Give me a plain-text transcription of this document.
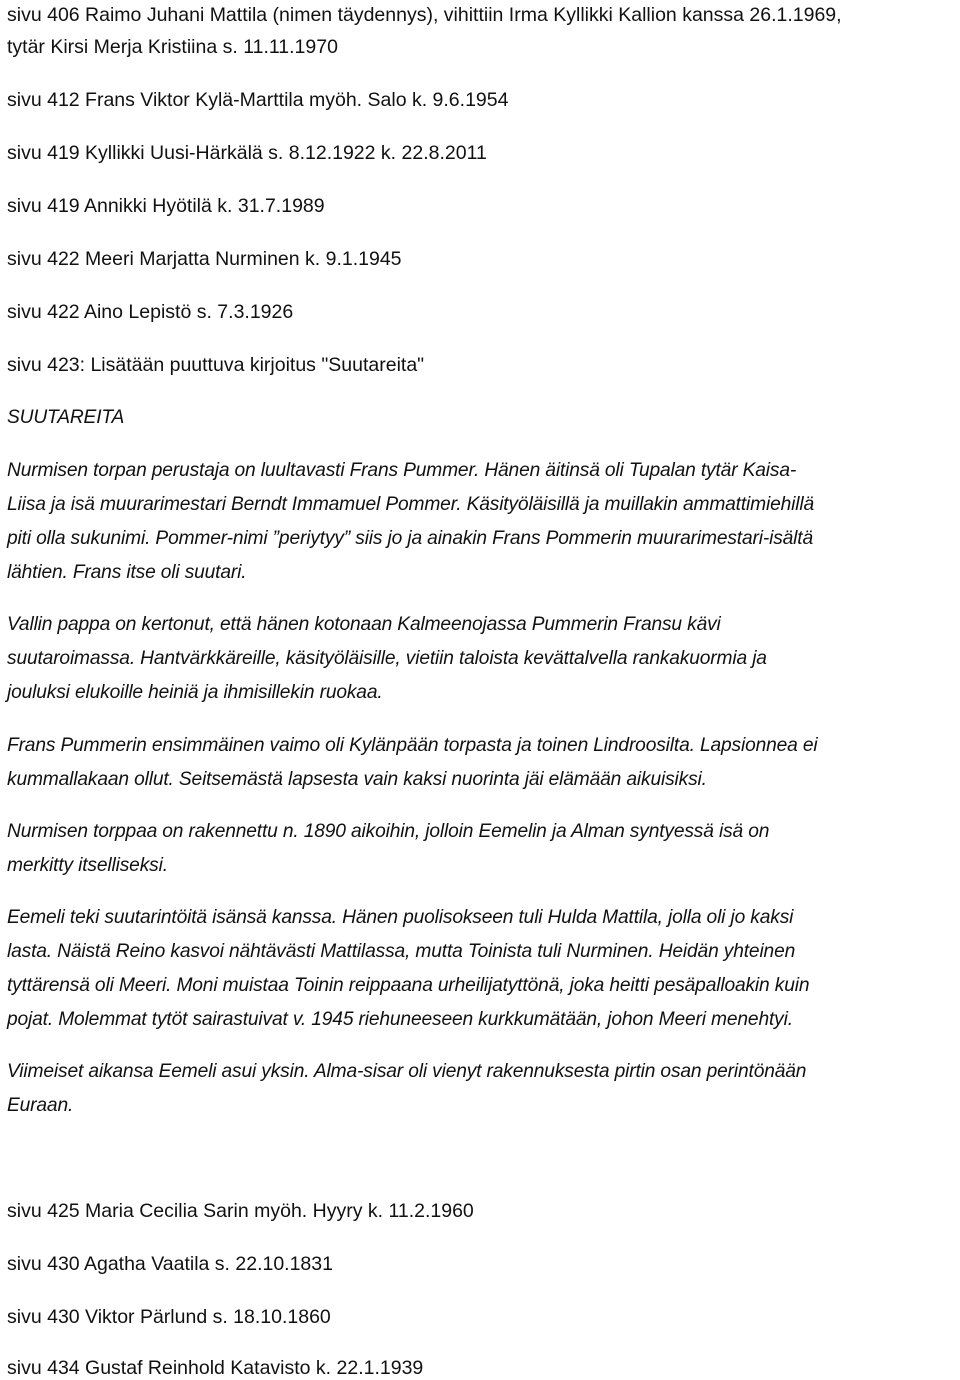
sivu 406 Raimo Juhani Mattila (nimen täydennys), vihittiin Irma Kyllikki Kallion kanssa 26.1.1969,

tytär Kirsi Merja Kristiina s. 11.11.1970

sivu 412 Frans Viktor Kylä-Marttila myöh. Salo k. 9.6.1954

sivu 419 Kyllikki Uusi-Härkälä s. 8.12.1922 k. 22.8.2011

sivu 419 Annikki Hyötilä k. 31.7.1989

sivu 422 Meeri Marjatta Nurminen k. 9.1.1945

sivu 422 Aino Lepistö s. 7.3.1926

sivu 423: Lisätään puuttuva kirjoitus "Suutareita"

SUUTAREITA

Nurmisen torpan perustaja on luultavasti Frans Pummer. Hänen äitinsä oli Tupalan tytär Kaisa-

Liisa ja isä muurarimestari Berndt Immamuel Pommer. Käsityöläisillä ja muillakin ammattimiehillä

piti olla sukunimi. Pommer-nimi ”periytyy” siis jo ja ainakin Frans Pommerin muurarimestari-isältä

lähtien. Frans itse oli suutari.

Vallin pappa on kertonut, että hänen kotonaan Kalmeenojassa Pummerin Fransu kävi

suutaroimassa. Hantvärkkäreille, käsityöläisille, vietiin taloista kevättalvella rankakuormia ja

jouluksi elukoille heiniä ja ihmisillekin ruokaa.

Frans Pummerin ensimmäinen vaimo oli Kylänpään torpasta ja toinen Lindroosilta. Lapsionnea ei

kummallakaan ollut. Seitsemästä lapsesta vain kaksi nuorinta jäi elämään aikuisiksi.

Nurmisen torppaa on rakennettu n. 1890 aikoihin, jolloin Eemelin ja Alman syntyessä isä on

merkitty itselliseksi.

Eemeli teki suutarintöitä isänsä kanssa. Hänen puolisokseen tuli Hulda Mattila, jolla oli jo kaksi

lasta. Näistä Reino kasvoi nähtävästi Mattilassa, mutta Toinista tuli Nurminen. Heidän yhteinen

tyttärensä oli Meeri. Moni muistaa Toinin reippaana urheilijatyttönä, joka heitti pesäpalloakin kuin

pojat. Molemmat tytöt sairastuivat v. 1945 riehuneeseen kurkkumätään, johon Meeri menehtyi.

Viimeiset aikansa Eemeli asui yksin. Alma-sisar oli vienyt rakennuksesta pirtin osan perintönään

Euraan.

sivu 425 Maria Cecilia Sarin myöh. Hyyry k. 11.2.1960

sivu 430 Agatha Vaatila s. 22.10.1831

sivu 430 Viktor Pärlund s. 18.10.1860

sivu 434 Gustaf Reinhold Katavisto k. 22.1.1939
